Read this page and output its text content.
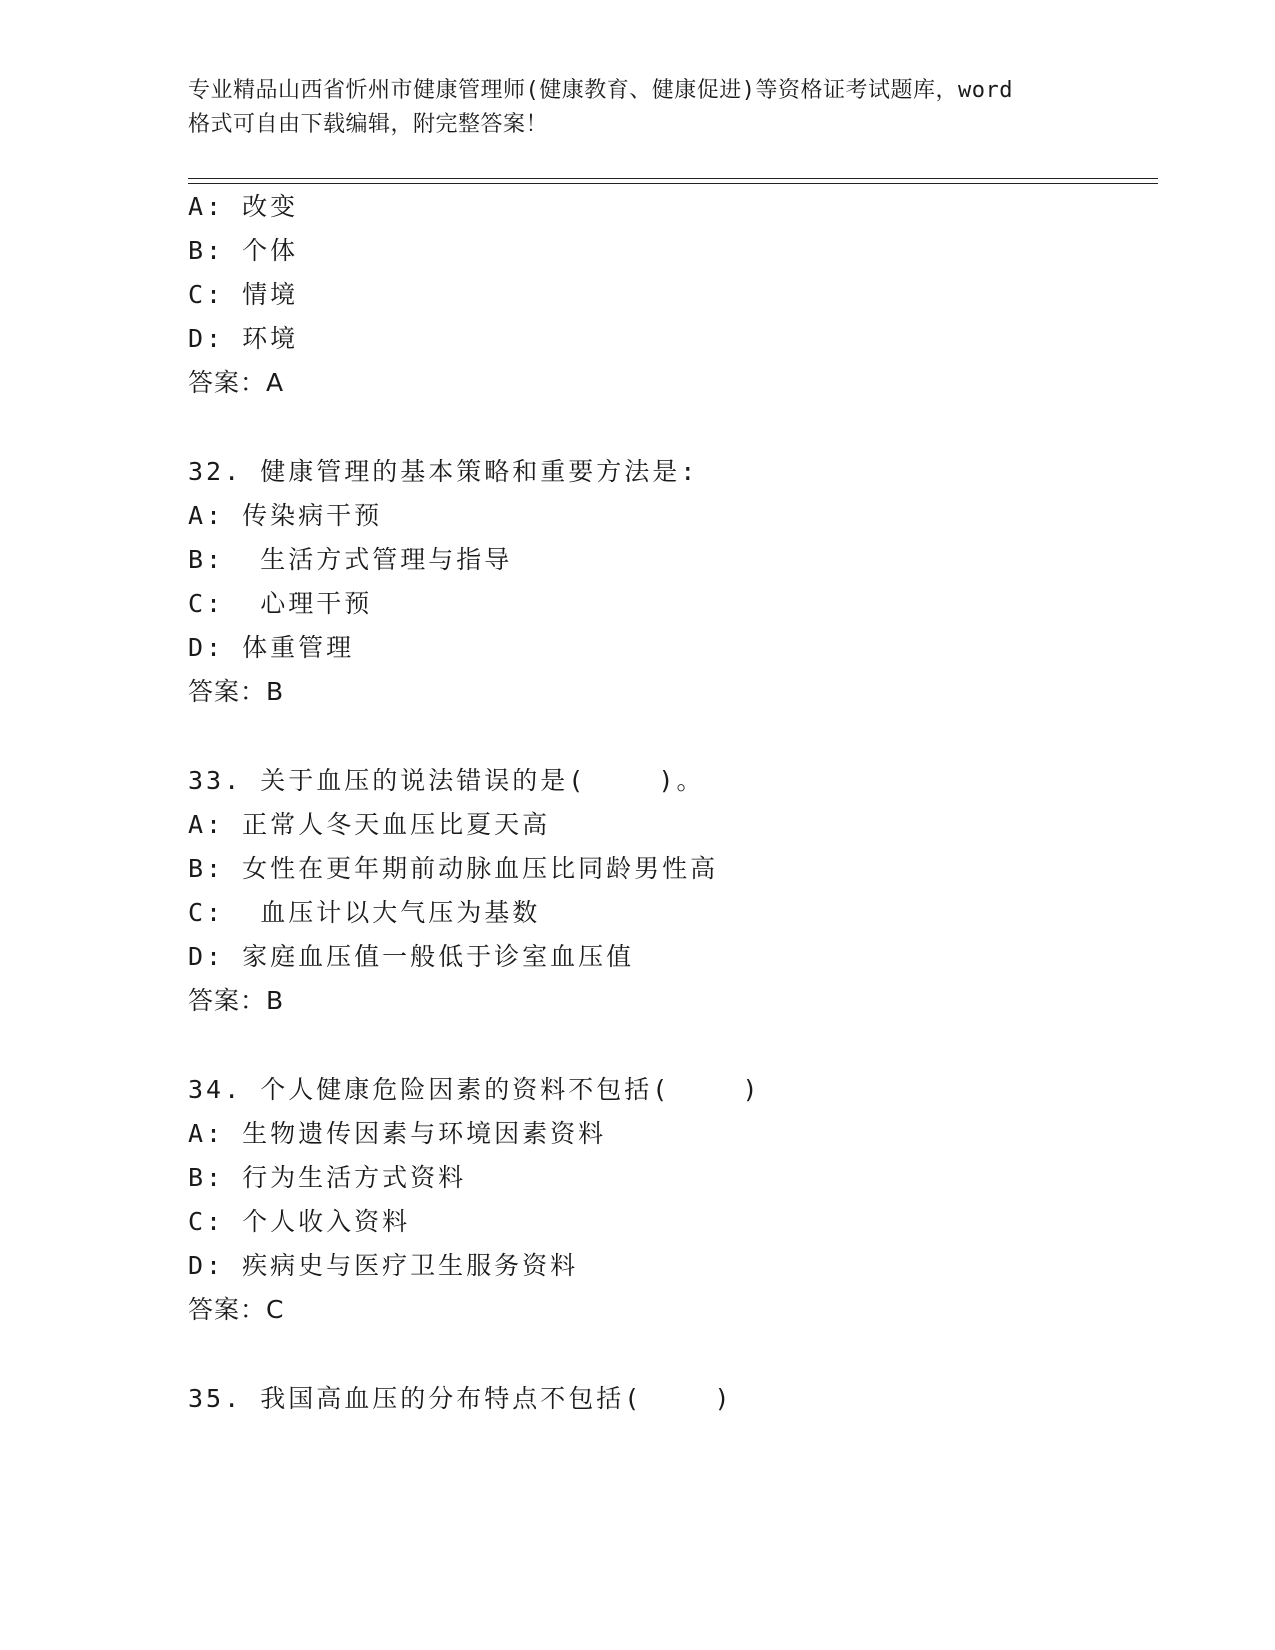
专业精品山西省忻州市健康管理师(健康教育、健康促进)等资格证考试题库，word
格式可自由下载编辑，附完整答案！
A: 改变
B: 个体
C: 情境
D: 环境
答案：A
32. 健康管理的基本策略和重要方法是:
A: 传染病干预
B:  生活方式管理与指导
C:  心理干预
D: 体重管理
答案：B
33. 关于血压的说法错误的是(    )。
A: 正常人冬天血压比夏天高
B: 女性在更年期前动脉血压比同龄男性高
C:  血压计以大气压为基数
D: 家庭血压值一般低于诊室血压值
答案：B
34. 个人健康危险因素的资料不包括(    )
A: 生物遗传因素与环境因素资料
B: 行为生活方式资料
C: 个人收入资料
D: 疾病史与医疗卫生服务资料
答案：C
35. 我国高血压的分布特点不包括(    )
